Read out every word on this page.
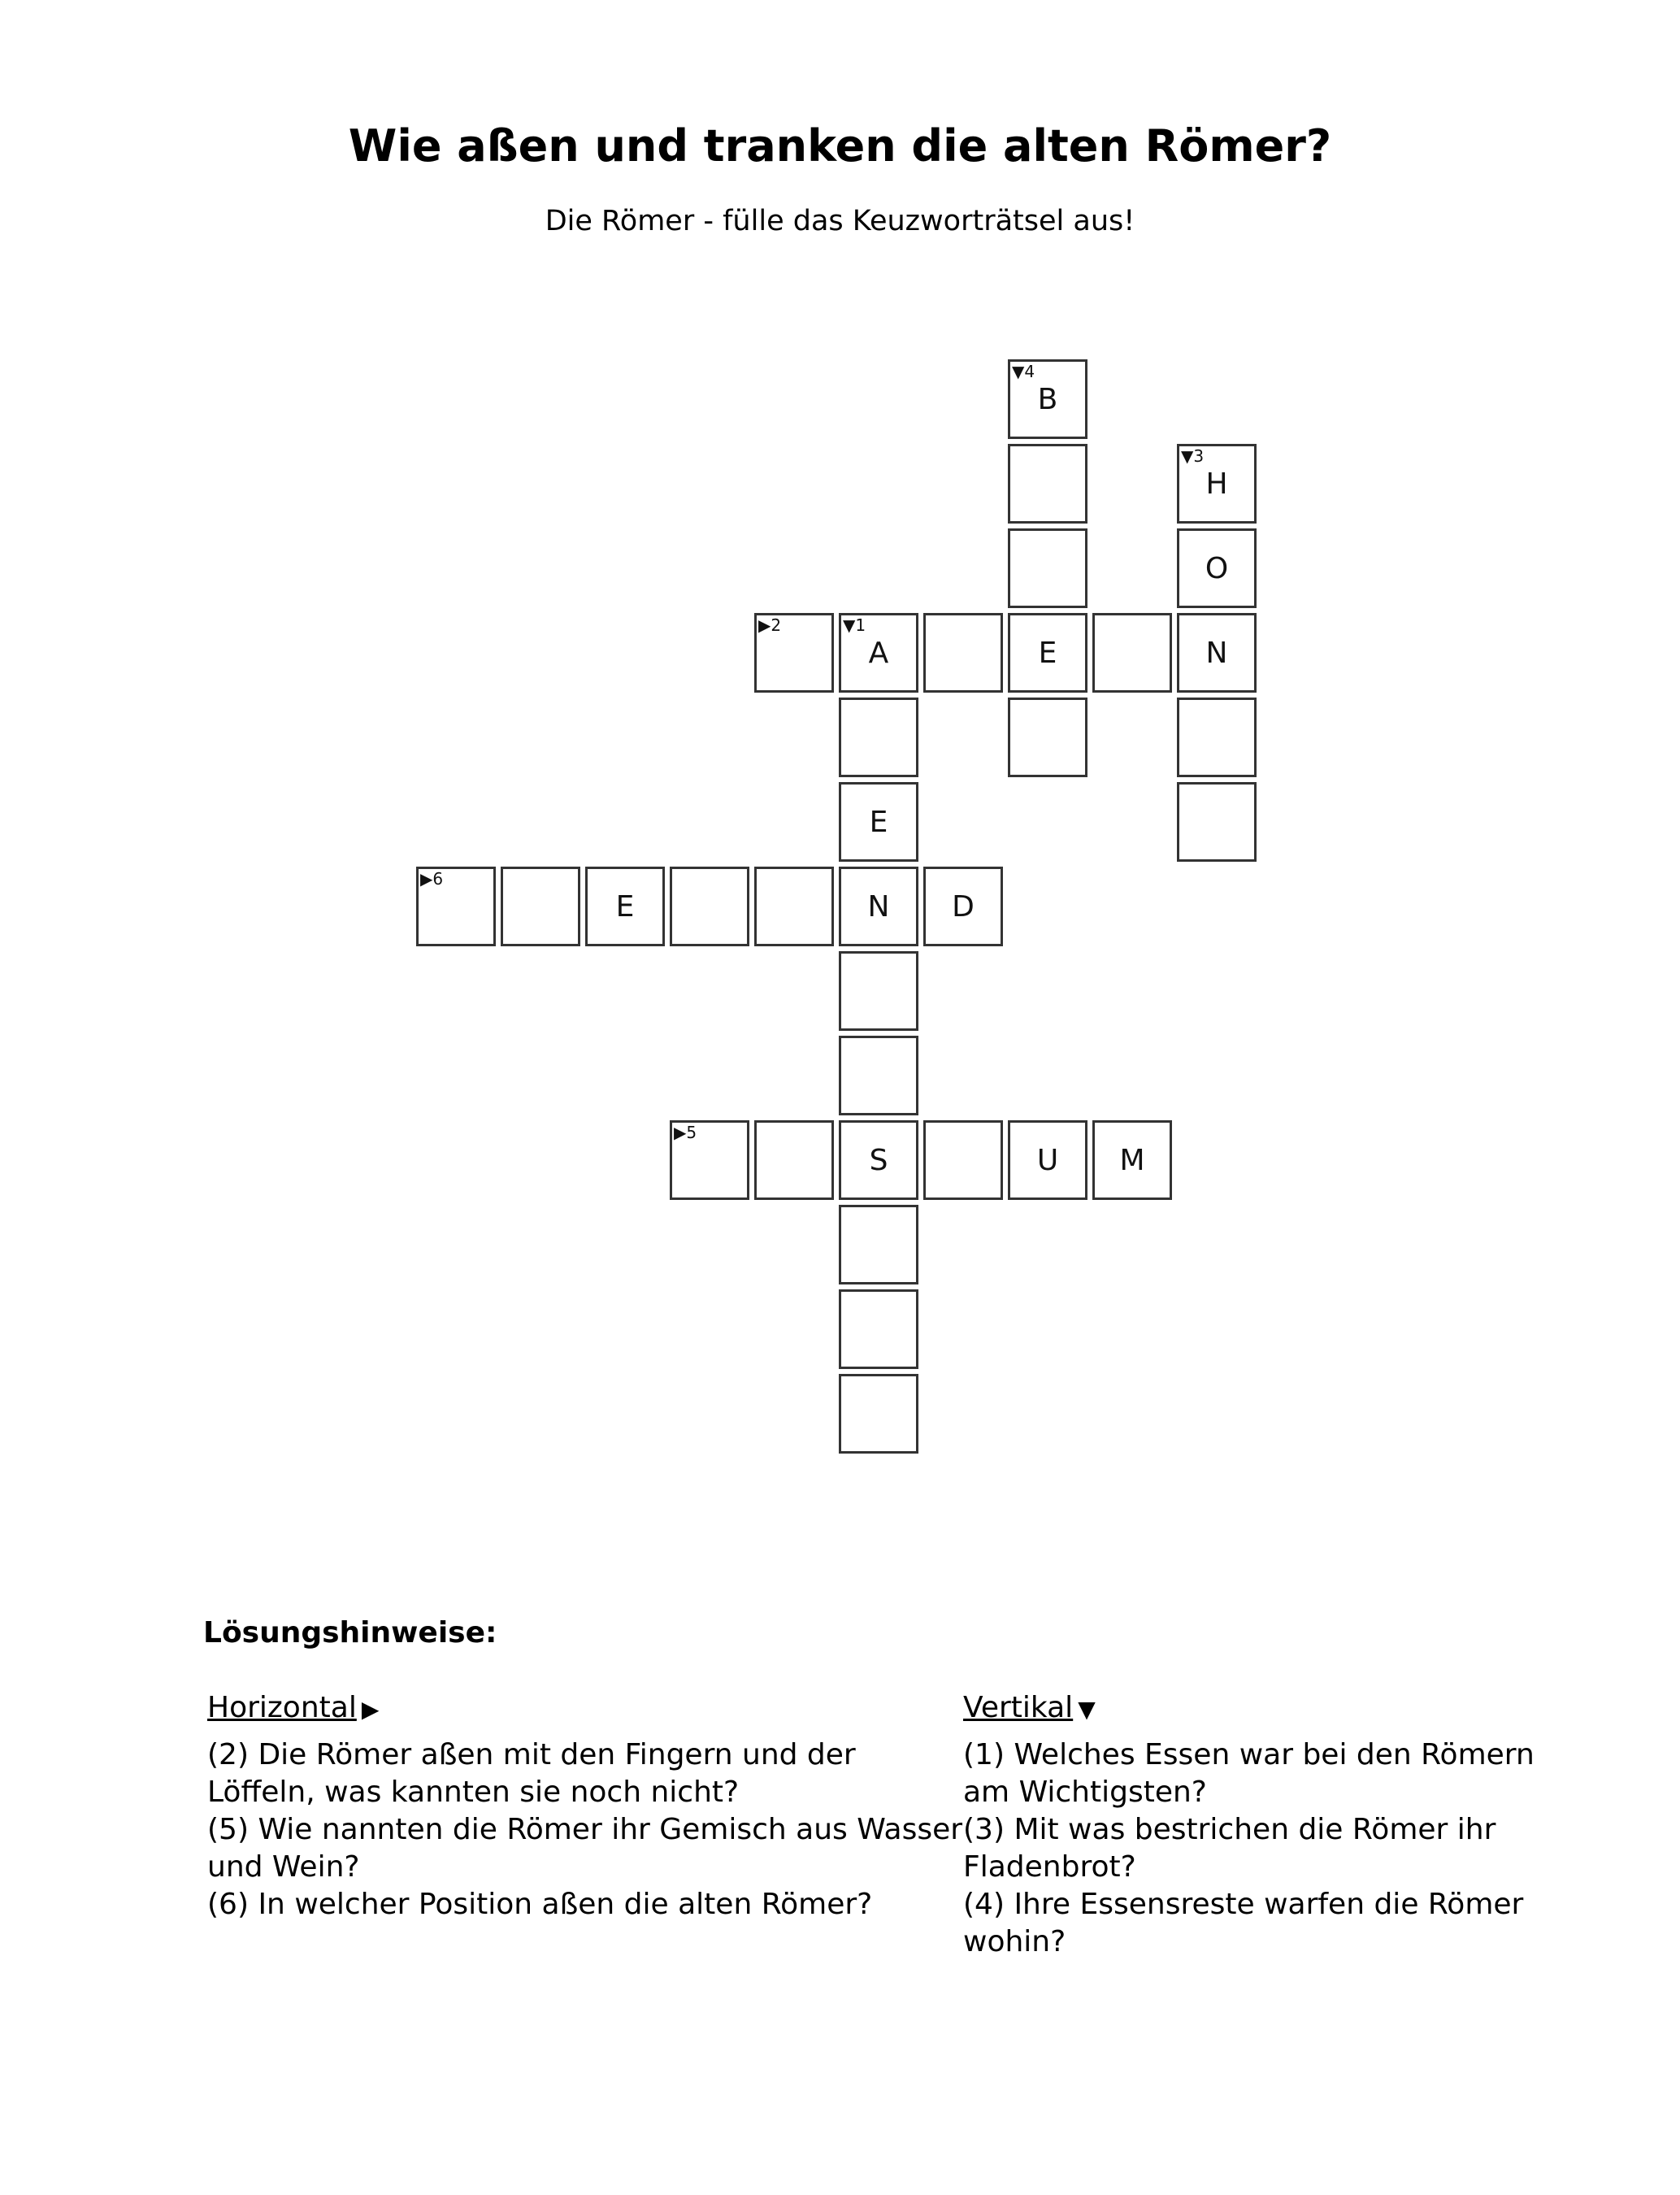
Wie aßen und tranken die alten Römer?
Die Römer - fülle das Keuzworträtsel aus!
▼4
B
▼3
H
O
▶2	▼1
A	E	N
E
▶6
E	N D
▶5
S	U M
Lösungshinweise:
Horizontal ▶

(2) Die Römer aßen mit den Fingern und der Löffeln, was kannten sie noch nicht?

(5) Wie nannten die Römer ihr Gemisch aus Wasser und Wein?

(6) In welcher Position aßen die alten Römer?

Vertikal ▼

(1) Welches Essen war bei den Römern am Wichtigsten?

(3) Mit was bestrichen die Römer ihr Fladenbrot?

(4) Ihre Essensreste warfen die Römer wohin?
